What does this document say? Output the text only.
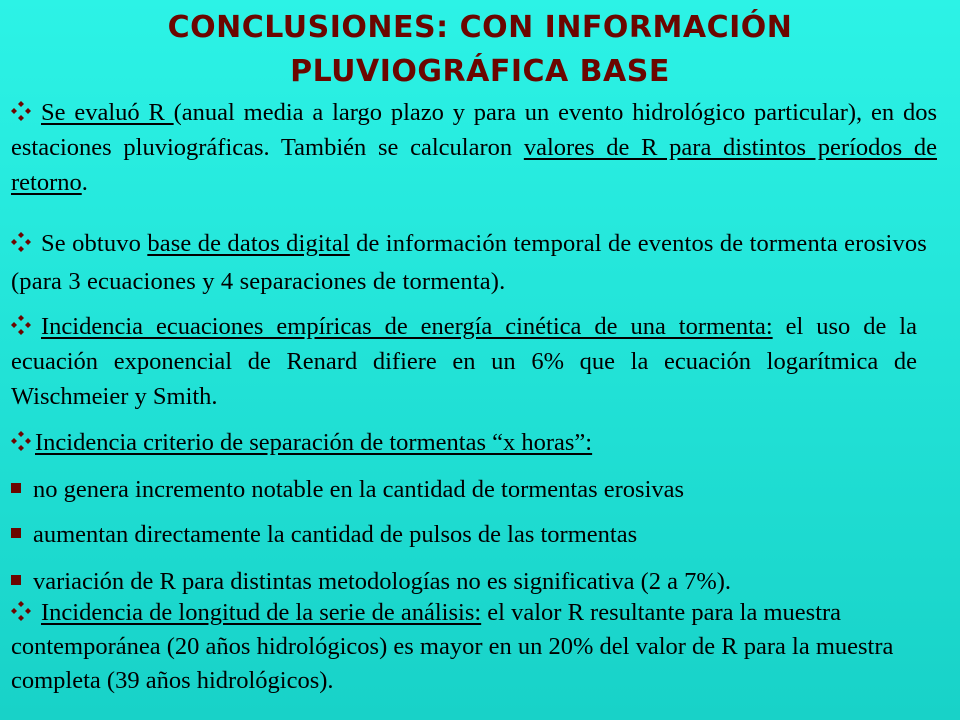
CONCLUSIONES: CON INFORMACIÓN
PLUVIOGRÁFICA BASE
Se evaluó R (anual media a largo plazo y para un evento hidrológico particular), en dos estaciones pluviográficas. También se calcularon valores de R para distintos períodos de retorno.
Se obtuvo base de datos digital de información temporal de eventos de tormenta erosivos (para 3 ecuaciones y 4 separaciones de tormenta).
Incidencia ecuaciones empíricas de energía cinética de una tormenta: el uso de la ecuación exponencial de Renard difiere en un 6% que la ecuación logarítmica de Wischmeier y Smith.
Incidencia criterio de separación de tormentas “x horas”:
no genera incremento notable en la cantidad de tormentas erosivas
aumentan directamente la cantidad de pulsos de las tormentas
variación de R para distintas metodologías no es significativa (2 a 7%).
Incidencia de longitud de la serie de análisis: el valor R resultante para la muestra contemporánea (20 años hidrológicos) es mayor en un 20% del valor de R para la muestra completa (39 años hidrológicos).
